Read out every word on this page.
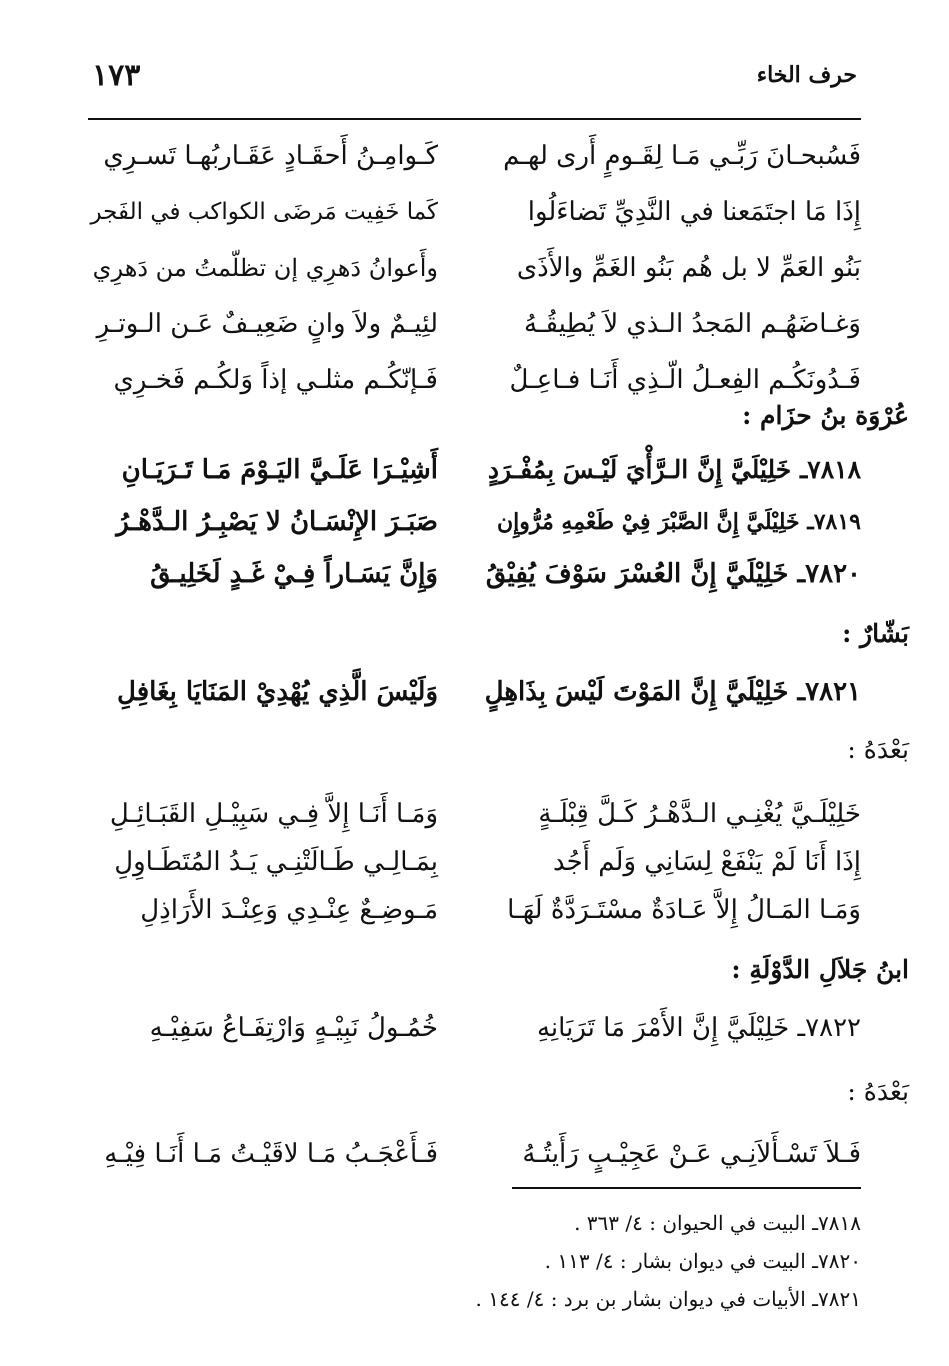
حرف الخاء
١٧٣
فَسُبحـانَ رَبِّـي مَـا لِقَـومٍ أَرى لهـم
كَـوامِـنُ أَحقَـادٍ عَقَـاربُهـا تَسـرِي
إِذَا مَا اجتَمَعنا في النَّدِيِّ تَضاءَلُوا
كَما خَفِيت مَرضَى الكواكب في الفَجر
بَنُو العَمِّ لا بل هُم بَنُو الغَمِّ والأَذَى
وأَعوانُ دَهرِي إن تظلّمتُ من دَهرِي
وَغـاضَهُـم المَجدُ الـذي لاَ يُطِيقُـهُ
لئِيـمٌ ولاَ وانٍ ضَعِيـفٌ عَـن الـوتـرِ
فَـدُونَكُـم الفِعـلُ الّـذِي أَنَـا فـاعِـلٌ
فَـإنّكُـم مثلـي إذاً وَلكُـم فَخـرِي
عُرْوَة بنُ حزَام :
٧٨١٨ـ خَلِيْلَيَّ إِنَّ الـرَّأْيَ لَيْـسَ بِمُفْـرَدٍ
أَشِيْـرَا عَلَـيَّ اليَـوْمَ مَـا تَـرَيَـانِ
٧٨١٩ـ خَلِيْلَيَّ إِنَّ الصَّبْرَ فِيْ طَعْمِهِ مُرُّوإِن
صَبَـرَ الإِنْسَـانُ لا يَصْبِـرُ الـدَّهْـرُ
٧٨٢٠ـ خَلِيْلَيَّ إِنَّ العُسْرَ سَوْفَ يُفِيْقُ
وَإِنَّ يَسَـاراً فِـيْ غَـدٍ لَخَلِيـقُ
بَشّارٌ :
٧٨٢١ـ خَلِيْلَيَّ إِنَّ المَوْتَ لَيْسَ بِذَاهِلٍ
وَلَيْسَ الَّذِي يُهْدِيْ المَنَايَا بِغَافِلِ
بَعْدَهُ :
خَلِيْلَـيَّ يُغْنِـي الـدَّهْـرُ كَـلَّ قِبْلَـةٍ
وَمَـا أَنَـا إِلاَّ فِـي سَبِيْـلِ القَبَـائِـلِ
إِذَا أَنَا لَمْ يَنْفَعْ لِسَانِي وَلَم أَجُد
بِمَـالِـي طَـالَتْنِـي يَـدُ المُتَطَـاوِلِ
وَمَـا المَـالُ إِلاَّ عَـادَةٌ مسْتَـرَدَّةٌ لَهَـا
مَـوضِـعٌ عِنْـدِي وَعِنْـدَ الأَرَاذِلِ
ابنُ جَلاَلِ الدَّوْلَةِ :
٧٨٢٢ـ خَلِيْلَيَّ إِنَّ الأَمْرَ مَا تَرَيَانِهِ
خُمُـولُ نَبِيْـهٍ وَارْتِفَـاعُ سَفِيْـهِ
بَعْدَهُ :
فَـلاَ تَسْـأَلاَنِـي عَـنْ عَجِيْـبٍ رَأَيتُـهُ
فَـأَعْجَـبُ مَـا لاقَيْـتُ مَـا أَنَـا فِيْـهِ
٧٨١٨ـ البيت في الحيوان : ٤/ ٣٦٣ .
٧٨٢٠ـ البيت في ديوان بشار : ٤/ ١١٣ .
٧٨٢١ـ الأبيات في ديوان بشار بن برد : ٤/ ١٤٤ .
